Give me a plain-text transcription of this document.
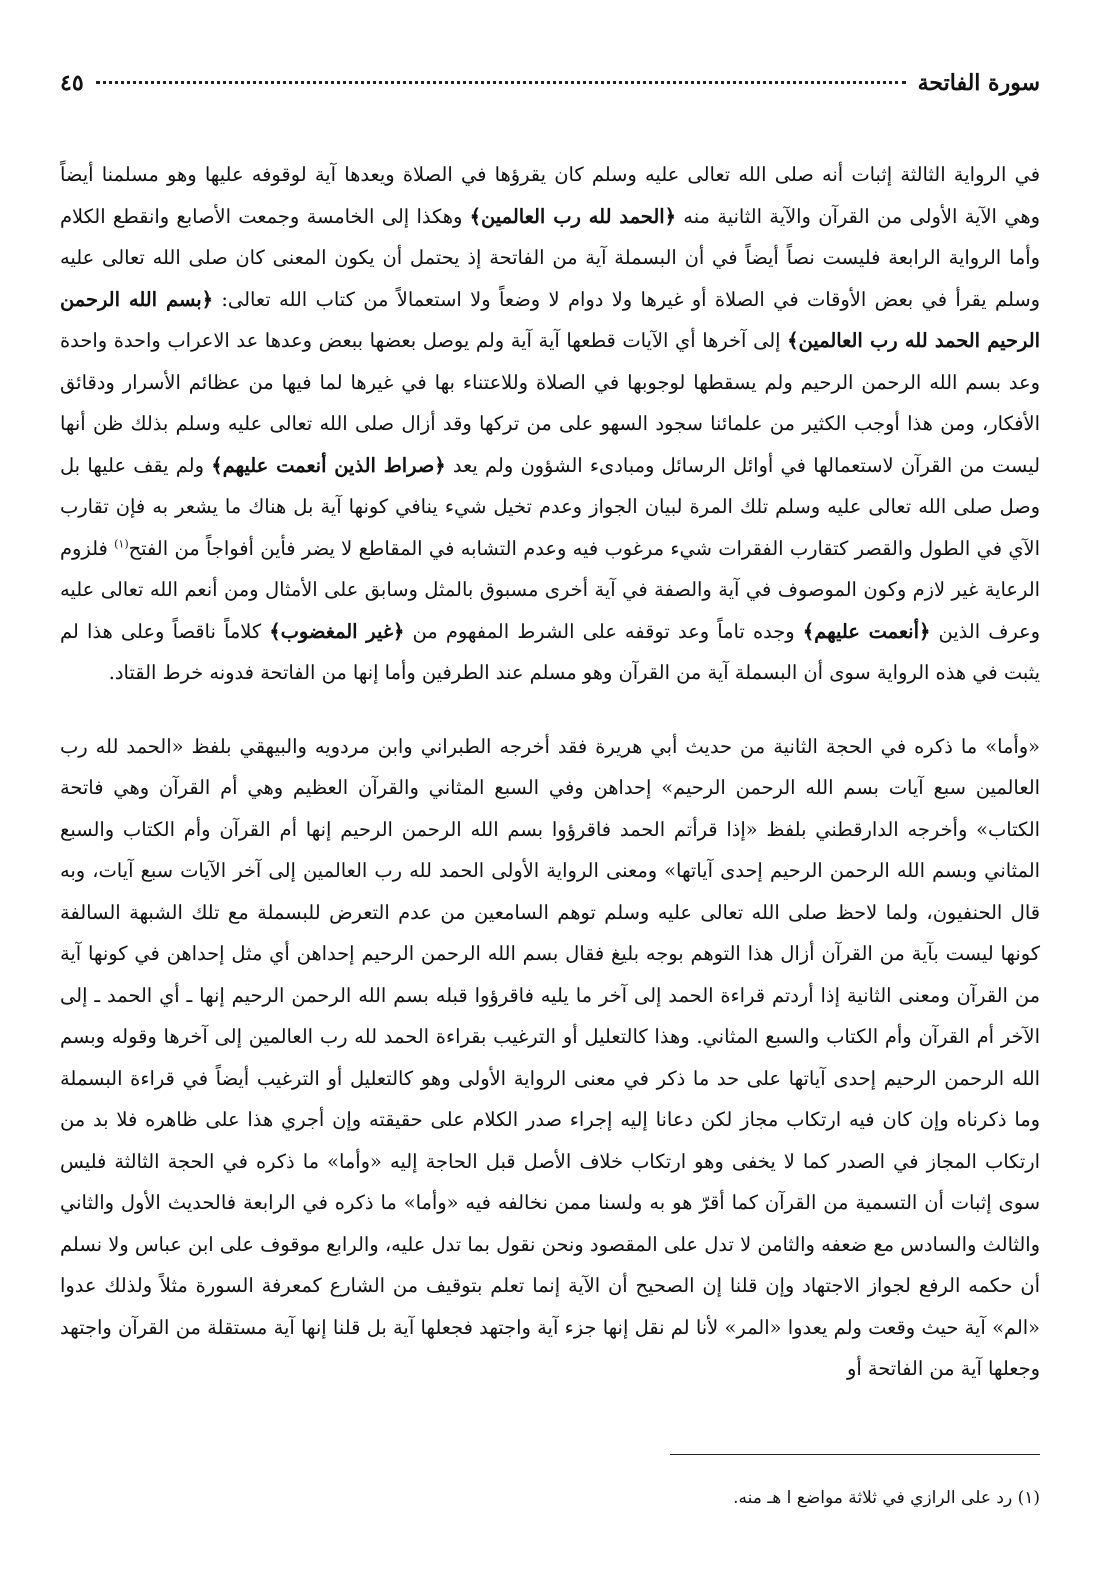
سورة الفاتحة
٤٥

في الرواية الثالثة إثبات أنه صلى الله تعالى عليه وسلم كان يقرؤها في الصلاة ويعدها آية لوقوفه عليها وهو مسلمنا أيضاً وهي الآية الأولى من القرآن والآية الثانية منه ﴿الحمد لله رب العالمين﴾ وهكذا إلى الخامسة وجمعت الأصابع وانقطع الكلام وأما الرواية الرابعة فليست نصاً أيضاً في أن البسملة آية من الفاتحة إذ يحتمل أن يكون المعنى كان صلى الله تعالى عليه وسلم يقرأ في بعض الأوقات في الصلاة أو غيرها ولا دوام لا وضعاً ولا استعمالاً من كتاب الله تعالى: ﴿بسم الله الرحمن الرحيم الحمد لله رب العالمين﴾ إلى آخرها أي الآيات قطعها آية آية ولم يوصل بعضها ببعض وعدها عد الاعراب واحدة واحدة وعد بسم الله الرحمن الرحيم ولم يسقطها لوجوبها في الصلاة وللاعتناء بها في غيرها لما فيها من عظائم الأسرار ودقائق الأفكار، ومن هذا أوجب الكثير من علمائنا سجود السهو على من تركها وقد أزال صلى الله تعالى عليه وسلم بذلك ظن أنها ليست من القرآن لاستعمالها في أوائل الرسائل ومبادىء الشؤون ولم يعد ﴿صراط الذين أنعمت عليهم﴾ ولم يقف عليها بل وصل صلى الله تعالى عليه وسلم تلك المرة لبيان الجواز وعدم تخيل شيء ينافي كونها آية بل هناك ما يشعر به فإن تقارب الآي في الطول والقصر كتقارب الفقرات شيء مرغوب فيه وعدم التشابه في المقاطع لا يضر فأين أفواجاً من الفتح$^{(١)}$ فلزوم الرعاية غير لازم وكون الموصوف في آية والصفة في آية أخرى مسبوق بالمثل وسابق على الأمثال ومن أنعم الله تعالى عليه وعرف الذين ﴿أنعمت عليهم﴾ وجده تاماً وعد توقفه على الشرط المفهوم من ﴿غير المغضوب﴾ كلاماً ناقصاً وعلى هذا لم يثبت في هذه الرواية سوى أن البسملة آية من القرآن وهو مسلم عند الطرفين وأما إنها من الفاتحة فدونه خرط القتاد.

«وأما» ما ذكره في الحجة الثانية من حديث أبي هريرة فقد أخرجه الطبراني وابن مردويه والبيهقي بلفظ «الحمد لله رب العالمين سبع آيات بسم الله الرحمن الرحيم» إحداهن وفي السبع المثاني والقرآن العظيم وهي أم القرآن وهي فاتحة الكتاب» وأخرجه الدارقطني بلفظ «إذا قرأتم الحمد فاقرؤوا بسم الله الرحمن الرحيم إنها أم القرآن وأم الكتاب والسبع المثاني وبسم الله الرحمن الرحيم إحدى آياتها» ومعنى الرواية الأولى الحمد لله رب العالمين إلى آخر الآيات سبع آيات، وبه قال الحنفيون، ولما لاحظ صلى الله تعالى عليه وسلم توهم السامعين من عدم التعرض للبسملة مع تلك الشبهة السالفة كونها ليست بآية من القرآن أزال هذا التوهم بوجه بليغ فقال بسم الله الرحمن الرحيم إحداهن أي مثل إحداهن في كونها آية من القرآن ومعنى الثانية إذا أردتم قراءة الحمد إلى آخر ما يليه فاقرؤوا قبله بسم الله الرحمن الرحيم إنها ـ أي الحمد ـ إلى الآخر أم القرآن وأم الكتاب والسبع المثاني. وهذا كالتعليل أو الترغيب بقراءة الحمد لله رب العالمين إلى آخرها وقوله وبسم الله الرحمن الرحيم إحدى آياتها على حد ما ذكر في معنى الرواية الأولى وهو كالتعليل أو الترغيب أيضاً في قراءة البسملة وما ذكرناه وإن كان فيه ارتكاب مجاز لكن دعانا إليه إجراء صدر الكلام على حقيقته وإن أجري هذا على ظاهره فلا بد من ارتكاب المجاز في الصدر كما لا يخفى وهو ارتكاب خلاف الأصل قبل الحاجة إليه «وأما» ما ذكره في الحجة الثالثة فليس سوى إثبات أن التسمية من القرآن كما أقرّ هو به ولسنا ممن نخالفه فيه «وأما» ما ذكره في الرابعة فالحديث الأول والثاني والثالث والسادس مع ضعفه والثامن لا تدل على المقصود ونحن نقول بما تدل عليه، والرابع موقوف على ابن عباس ولا نسلم أن حكمه الرفع لجواز الاجتهاد وإن قلنا إن الصحيح أن الآية إنما تعلم بتوقيف من الشارع كمعرفة السورة مثلاً ولذلك عدوا «الم» آية حيث وقعت ولم يعدوا «المر» لأنا لم نقل إنها جزء آية واجتهد فجعلها آية بل قلنا إنها آية مستقلة من القرآن واجتهد وجعلها آية من الفاتحة أو

(١) رد على الرازي في ثلاثة مواضع ا هـ منه.
